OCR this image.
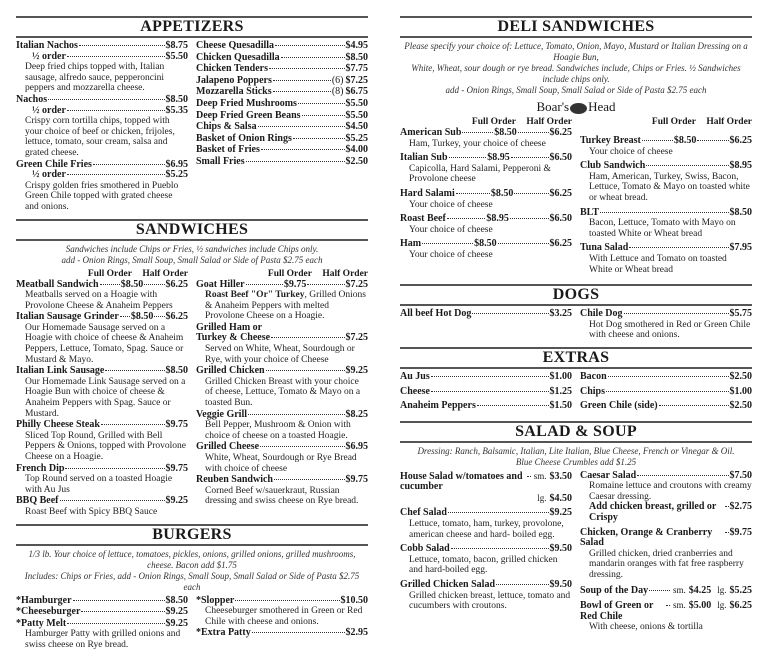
APPETIZERS
Italian Nachos	$8.75
½ order	$5.50
Deep fried chips topped with, Italian sausage, alfredo sauce, pepperoncini peppers and mozzarella cheese.
Nachos	$8.50
½ order	$5.35
Crispy corn tortilla chips, topped with your choice of beef or chicken, frijoles, lettuce, tomato, sour cream, salsa and grated cheese.
Green Chile Fries	$6.95
½ order	$5.25
Crispy golden fries smothered in Pueblo Green Chile topped with grated cheese and onions.
Cheese Quesadilla	$4.95
Chicken Quesadilla	$8.50
Chicken Tenders	$7.75
Jalapeno Poppers	(6) $7.25
Mozzarella Sticks	(8) $6.75
Deep Fried Mushrooms	$5.50
Deep Fried Green Beans	$5.50
Chips & Salsa	$4.50
Basket of Onion Rings	$5.25
Basket of Fries	$4.00
Small Fries	$2.50
SANDWICHES
Sandwiches include Chips or Fries, ½ sandwiches include Chips only.
add - Onion Rings, Small Soup, Small Salad or Side of Pasta $2.75 each
Full Order	Half Order
Meatball Sandwich $8.50 $6.25
Meatballs served on a Hoagie with Provolone Cheese & Anaheim Peppers
Italian Sausage Grinder $8.50 $6.25
Our Homemade Sausage served on a Hoagie with choice of cheese & Anaheim Peppers, Lettuce, Tomato, Spag. Sauce or Mustard & Mayo.
Italian Link Sausage	$8.50
Our Homemade Link Sausage served on a Hoagie Bun with choice of cheese & Anaheim Peppers with Spag. Sauce or Mustard.
Philly Cheese Steak	$9.75
Sliced Top Round, Grilled with Bell Peppers & Onions, topped with Provolone Cheese on a Hoagie.
French Dip	$9.75
Top Round served on a toasted Hoagie with Au Jus
BBQ Beef	$9.25
Roast Beef with Spicy BBQ Sauce
Full Order	Half Order
Goat Hiller	$9.75	$7.25
Roast Beef "Or" Turkey, Grilled Onions & Anaheim Peppers with melted Provolone Cheese on a Hoagie.
Grilled Ham or
Turkey & Cheese	$7.25
Served on White, Wheat, Sourdough or Rye, with your choice of Cheese
Grilled Chicken	$9.25
Grilled Chicken Breast with your choice of cheese, Lettuce, Tomato & Mayo on a toasted Bun.
Veggie Grill	$8.25
Bell Pepper, Mushroom & Onion with choice of cheese on a toasted Hoagie.
Grilled Cheese	$6.95
White, Wheat, Sourdough or Rye Bread with choice of cheese
Reuben Sandwich	$9.75
Corned Beef w/sauerkraut, Russian dressing and swiss cheese on Rye bread.
BURGERS
1/3 lb. Your choice of lettuce, tomatoes, pickles, onions, grilled onions, grilled mushrooms, cheese. Bacon add $1.75
Includes: Chips or Fries, add - Onion Rings, Small Soup, Small Salad or Side of Pasta $2.75 each
*Hamburger	$8.50
*Cheeseburger	$9.25
*Patty Melt	$9.25
Hamburger Patty with grilled onions and swiss cheese on Rye bread.
*Slopper	$10.50
Cheeseburger smothered in Green or Red Chile with cheese and onions.
*Extra Patty	$2.95
DELI SANDWICHES
Please specify your choice of: Lettuce, Tomato, Onion, Mayo, Mustard or Italian Dressing on a Hoagie Bun,
White, Wheat, sour dough or rye bread. Sandwiches include, Chips or Fries. ½ Sandwiches include chips only.
add - Onion Rings, Small Soup, Small Salad or Side of Pasta $2.75 each
Boar's Head
Full Order	Half Order
American Sub	$8.50	$6.25
Ham, Turkey, your choice of cheese
Italian Sub	$8.95	$6.50
Capicolla, Hard Salami, Pepperoni & Provolone cheese
Hard Salami	$8.50	$6.25
Your choice of cheese
Roast Beef	$8.95	$6.50
Your choice of cheese
Ham	$8.50	$6.25
Your choice of cheese
Full Order	Half Order
Turkey Breast	$8.50	$6.25
Your choice of cheese
Club Sandwich	$8.95
Ham, American, Turkey, Swiss, Bacon, Lettuce, Tomato & Mayo on toasted white or wheat bread.
BLT	$8.50
Bacon, Lettuce, Tomato with Mayo on toasted White or Wheat bread
Tuna Salad	$7.95
With Lettuce and Tomato on toasted White or Wheat bread
DOGS
All beef Hot Dog	$3.25 Chile Dog	$5.75
Hot Dog smothered in Red or Green Chile with cheese and onions.
EXTRAS
Au Jus	$1.00
Cheese	$1.25
Anaheim Peppers	$1.50
Bacon	$2.50
Chips	$1.00
Green Chile (side)	$2.50
SALAD & SOUP
Dressing: Ranch, Balsamic, Italian, Lite Italian, Blue Cheese, French or Vinegar & Oil.
Blue Cheese Crumbles add $1.25
House Salad w/tomatoes and cucumber
sm. $3.50
lg. $4.50
Chef Salad	$9.25
Lettuce, tomato, ham, turkey, provolone, american cheese and hard- boiled egg.
Cobb Salad	$9.50
Lettuce, tomato, bacon, grilled chicken and hard-boiled egg.
Grilled Chicken Salad	$9.50
Grilled chicken breast, lettuce, tomato and cucumbers with croutons.
Caesar Salad	$7.50
Romaine lettuce and croutons with creamy Caesar dressing.
Add chicken breast, grilled or Crispy
$2.75
Chicken, Orange & Cranberry Salad
$9.75
Grilled chicken, dried cranberries and mandarin oranges with fat free raspberry dressing.
Soup of the Day	sm. $4.25 lg. $5.25
Bowl of Green or Red Chile
sm. $5.00 lg. $6.25
With cheese, onions & tortilla
